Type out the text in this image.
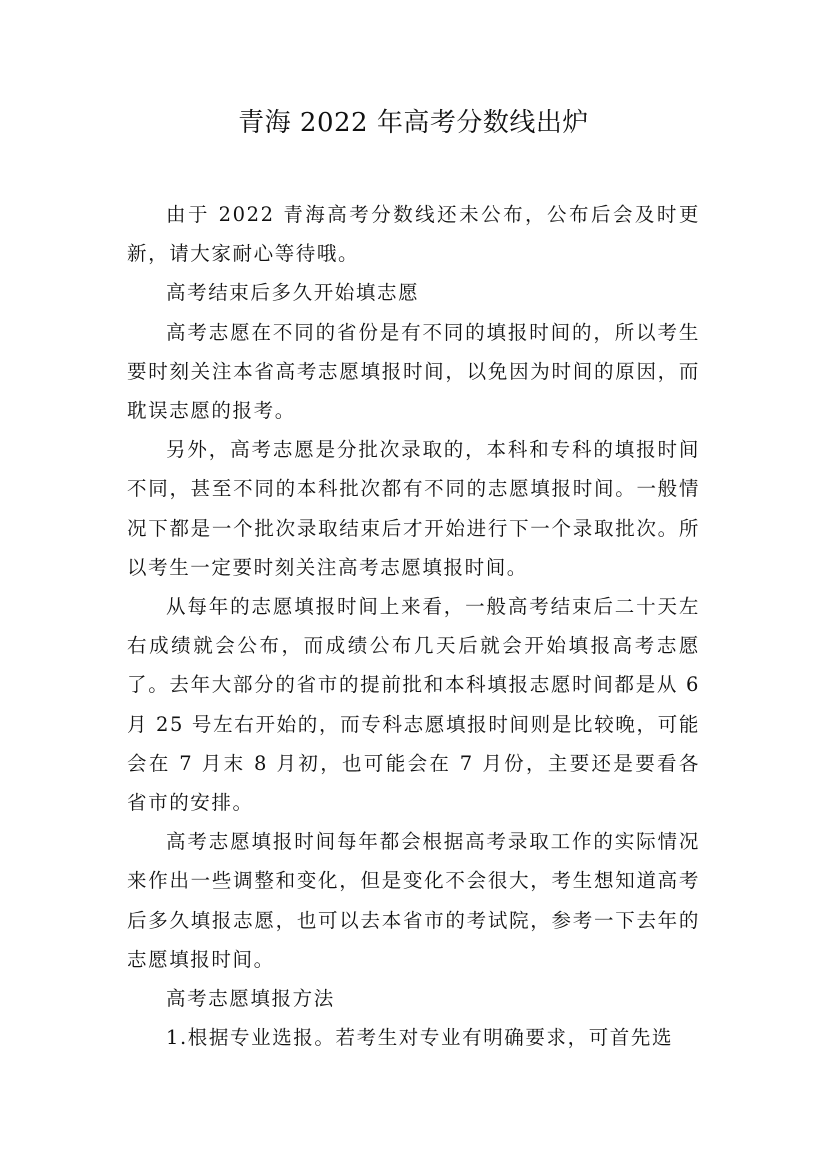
青海 2022 年高考分数线出炉

由于 2022 青海高考分数线还未公布，公布后会及时更新，请大家耐心等待哦。

高考结束后多久开始填志愿

高考志愿在不同的省份是有不同的填报时间的，所以考生要时刻关注本省高考志愿填报时间，以免因为时间的原因，而耽误志愿的报考。

另外，高考志愿是分批次录取的，本科和专科的填报时间不同，甚至不同的本科批次都有不同的志愿填报时间。一般情况下都是一个批次录取结束后才开始进行下一个录取批次。所以考生一定要时刻关注高考志愿填报时间。

从每年的志愿填报时间上来看，一般高考结束后二十天左右成绩就会公布，而成绩公布几天后就会开始填报高考志愿了。去年大部分的省市的提前批和本科填报志愿时间都是从 6 月 25 号左右开始的，而专科志愿填报时间则是比较晚，可能会在 7 月末 8 月初，也可能会在 7 月份，主要还是要看各省市的安排。

高考志愿填报时间每年都会根据高考录取工作的实际情况来作出一些调整和变化，但是变化不会很大，考生想知道高考后多久填报志愿，也可以去本省市的考试院，参考一下去年的志愿填报时间。

高考志愿填报方法

1.根据专业选报。若考生对专业有明确要求，可首先选
